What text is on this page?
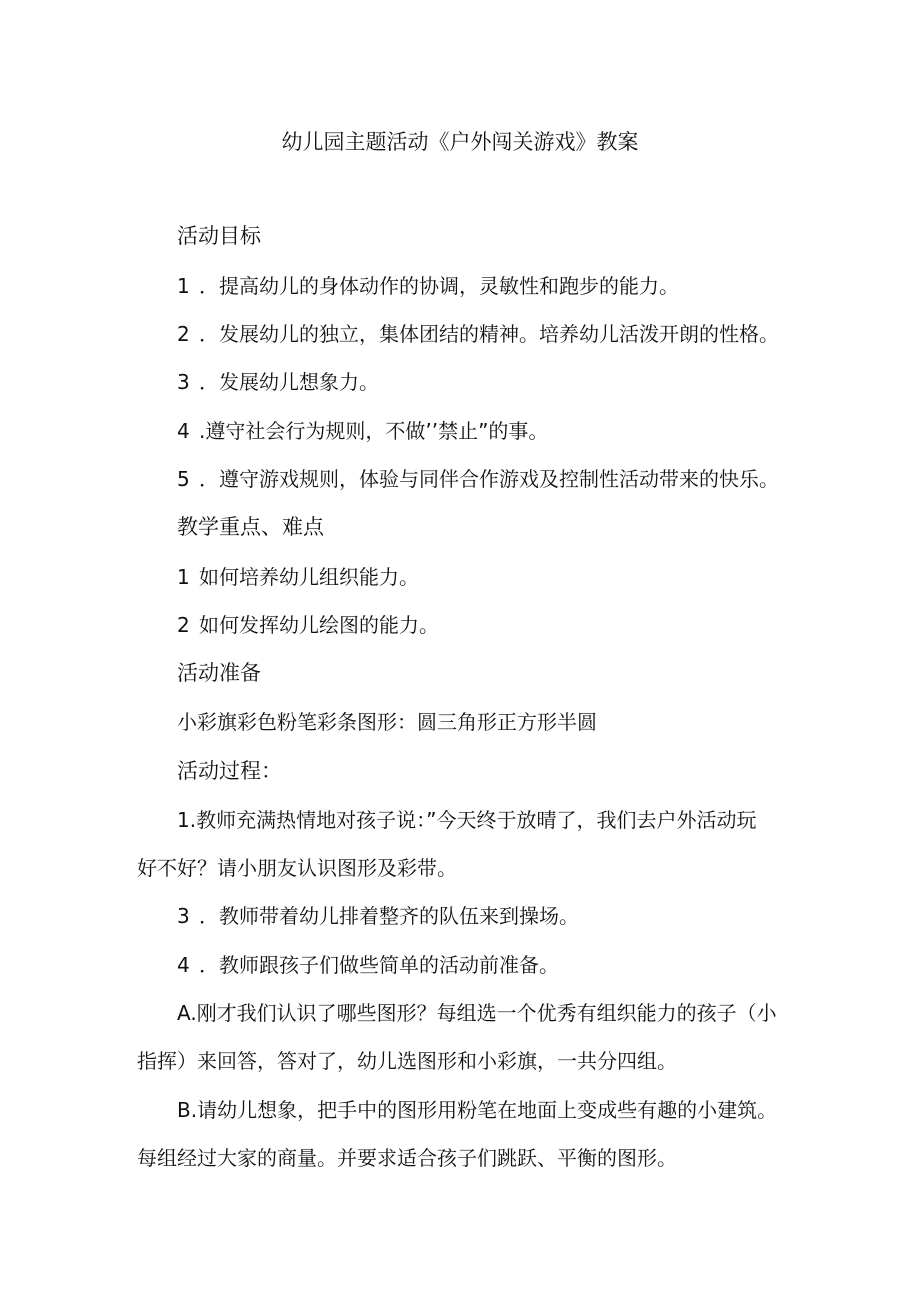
幼儿园主题活动《户外闯关游戏》教案
活动目标
1 ．提高幼儿的身体动作的协调，灵敏性和跑步的能力。
2 ．发展幼儿的独立，集体团结的精神。培养幼儿活泼开朗的性格。
3 ．发展幼儿想象力。
4 .遵守社会行为规则，不做’’禁止”的事。
5 ．遵守游戏规则，体验与同伴合作游戏及控制性活动带来的快乐。
教学重点、难点
1 如何培养幼儿组织能力。
2 如何发挥幼儿绘图的能力。
活动准备
小彩旗彩色粉笔彩条图形：圆三角形正方形半圆
活动过程：
1.教师充满热情地对孩子说：”今天终于放晴了，我们去户外活动玩
好不好？请小朋友认识图形及彩带。
3 ．教师带着幼儿排着整齐的队伍来到操场。
4 ．教师跟孩子们做些简单的活动前准备。
A.刚才我们认识了哪些图形？每组选一个优秀有组织能力的孩子（小
指挥）来回答，答对了，幼儿选图形和小彩旗，一共分四组。
B.请幼儿想象，把手中的图形用粉笔在地面上变成些有趣的小建筑。
每组经过大家的商量。并要求适合孩子们跳跃、平衡的图形。
